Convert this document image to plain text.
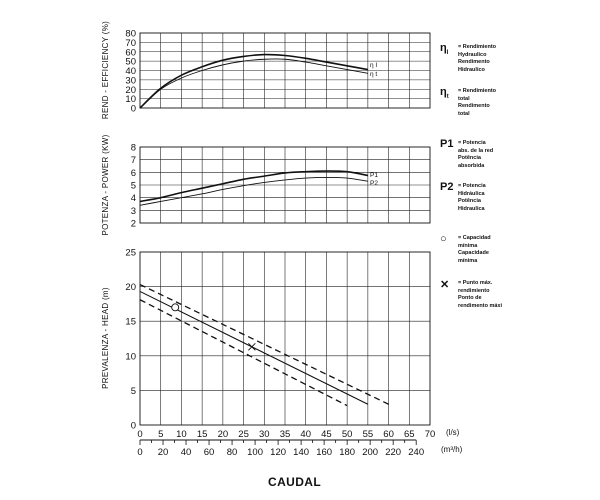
0
10
20
30
40
50
60
70
80
REND - EFFICIENCY (%)	η I
η t
2
3
4
5
6
7
8
POTENZA - POWER (KW)	P1
P2
0
5
10
15
20
25
0 5 10 15 20 25 30 35 40 45 50 55 60 65 70
PREVALENZA - HEAD (m)
(l/s)
0 20 40 60 80 100 120 140 160 180 200 220 240 (m³/h)
$\eta_I$
= Rendimiento
Hydraulico
Rendimento
Hidraulico
$\eta_t$
= Rendimiento
total
Rendimento
total
P1 = Potencia
abs. de la red
Potência
absorbida
P2 = Potencia
Hidráulica
Potência
Hidraulica
○ = Capacidad
mínima
Capacidade
mínima
✕ = Punto máx.
rendimiento
Ponto de
rendimento máxi
CAUDAL
